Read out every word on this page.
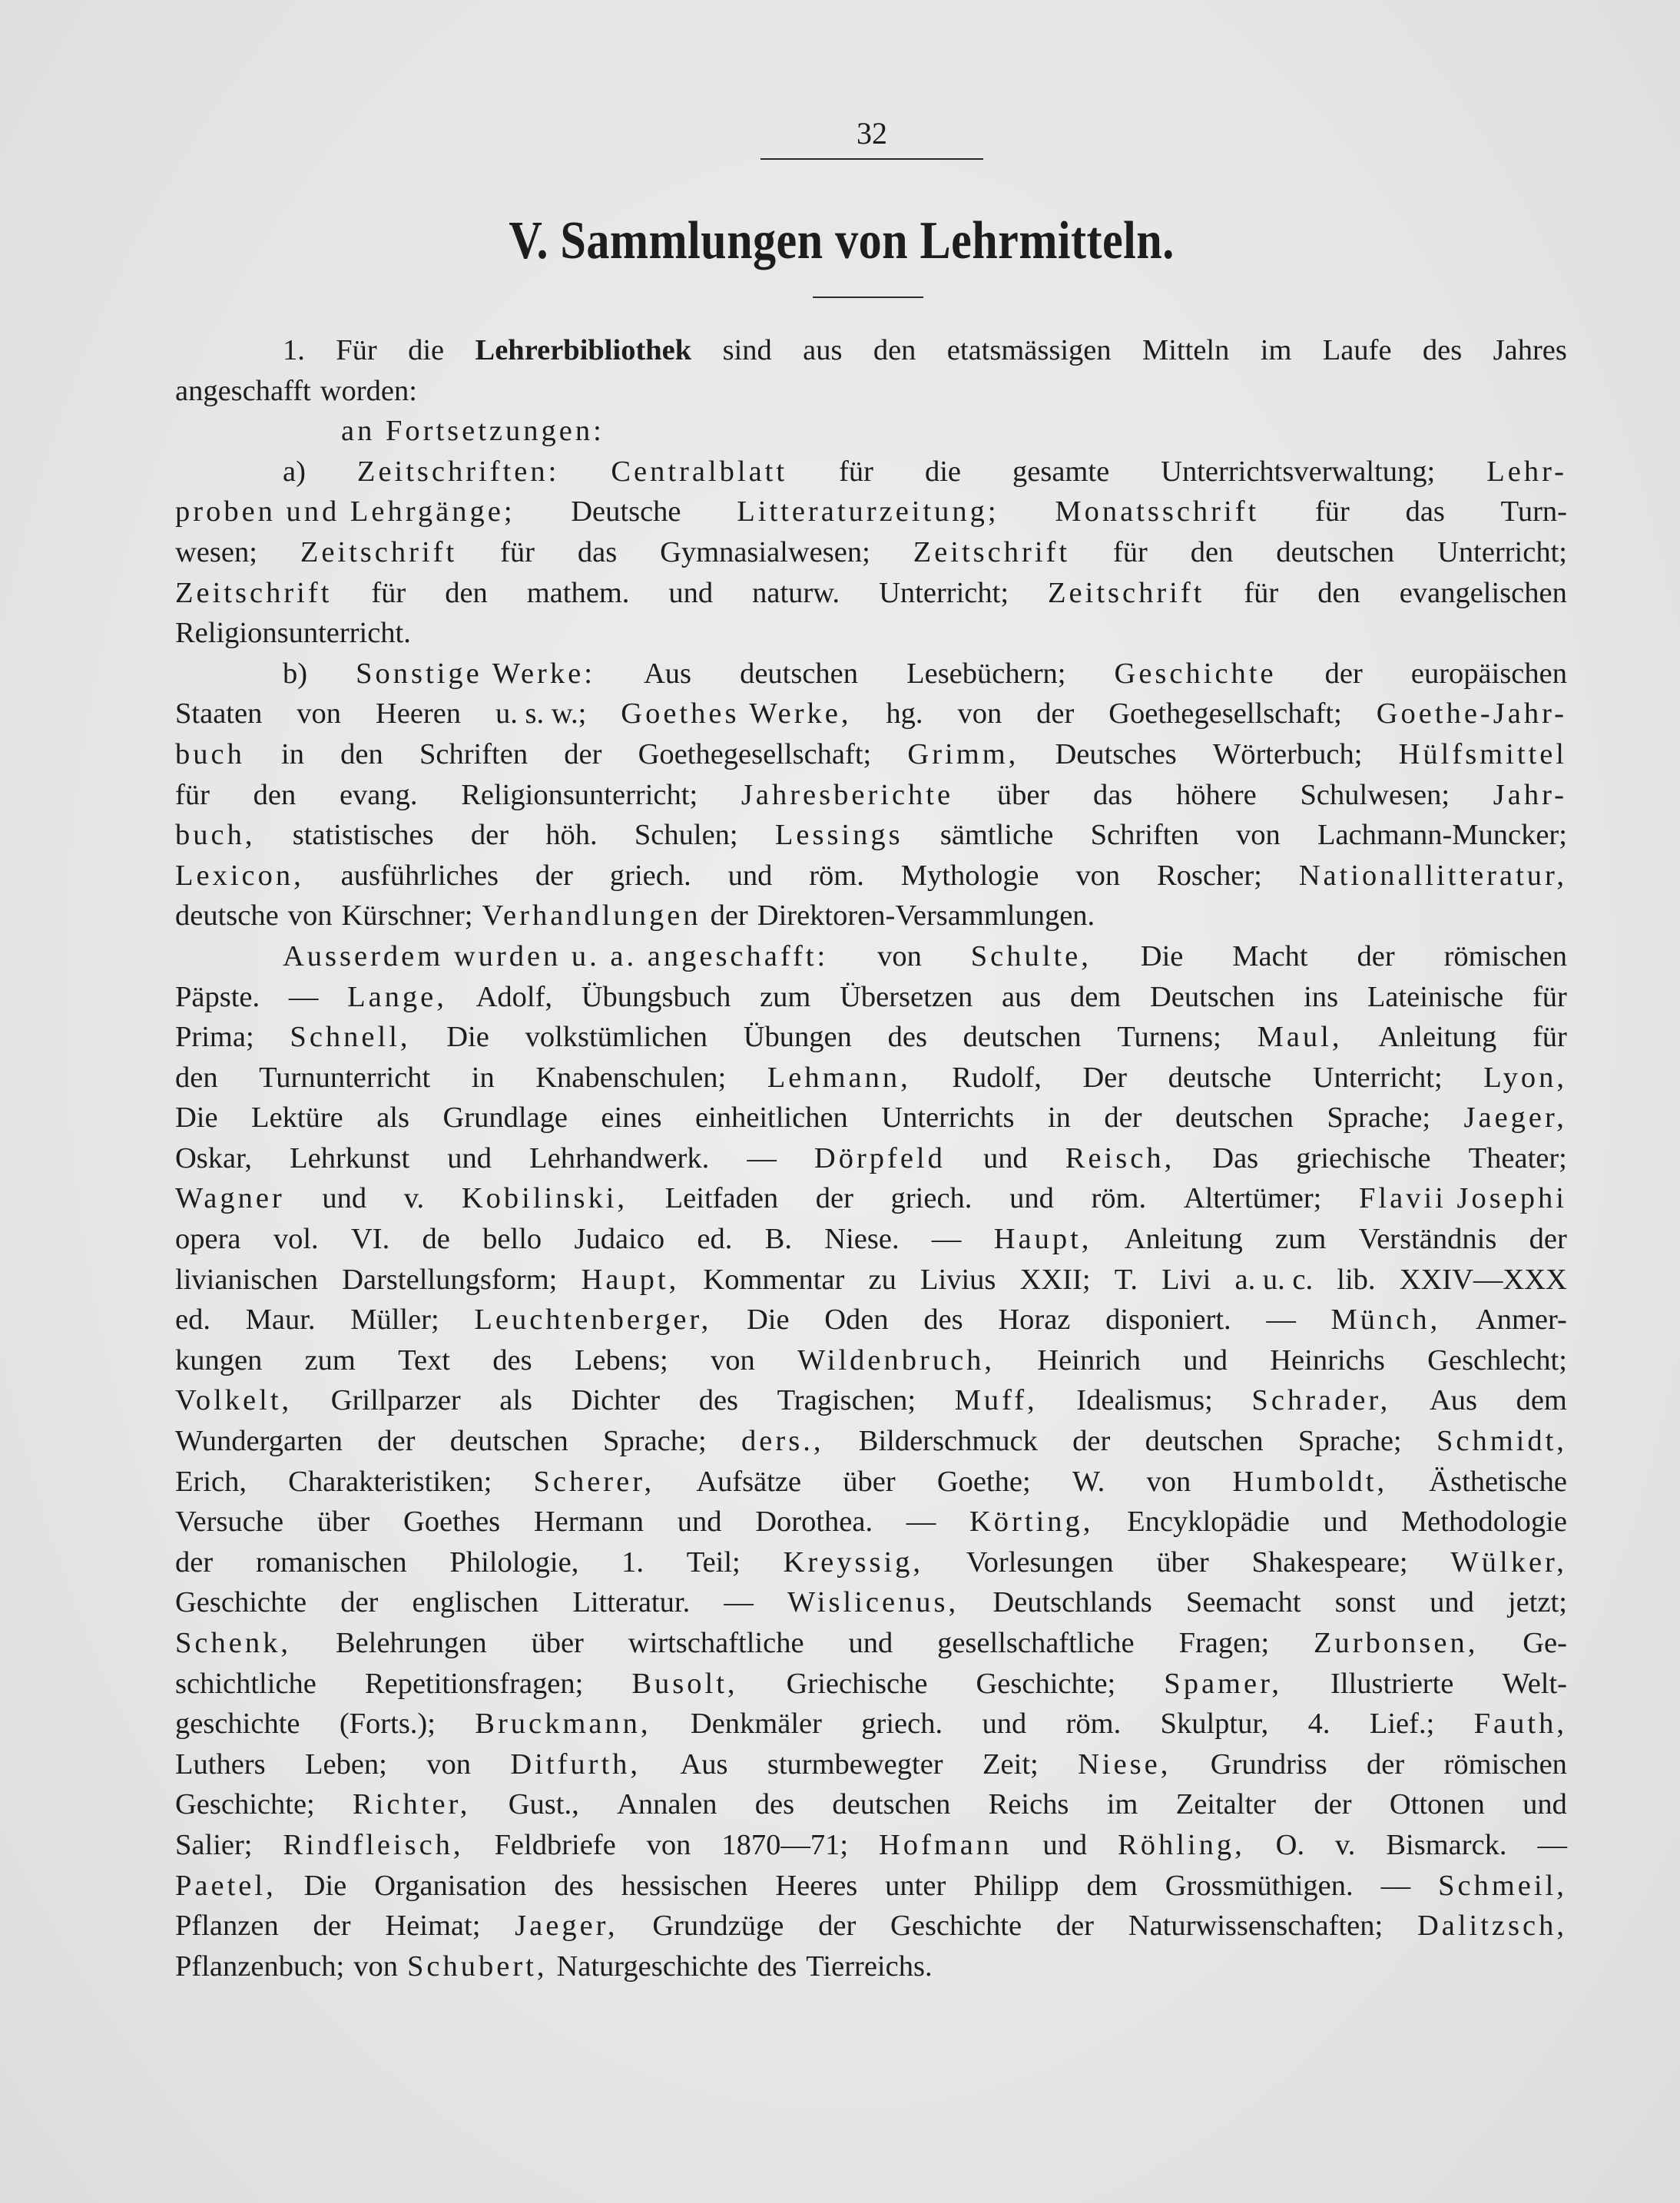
32
V. Sammlungen von Lehrmitteln.
1. Für die Lehrerbibliothek sind aus den etatsmässigen Mitteln im Laufe des Jahres
angeschafft worden:
an Fortsetzungen:
a) Zeitschriften: Centralblatt für die gesamte Unterrichtsverwaltung; Lehr-
proben und Lehrgänge; Deutsche Litteraturzeitung; Monatsschrift für das Turn-
wesen; Zeitschrift für das Gymnasialwesen; Zeitschrift für den deutschen Unterricht;
Zeitschrift für den mathem. und naturw. Unterricht; Zeitschrift für den evangelischen
Religionsunterricht.
b) Sonstige Werke: Aus deutschen Lesebüchern; Geschichte der europäischen
Staaten von Heeren u. s. w.; Goethes Werke, hg. von der Goethegesellschaft; Goethe-Jahr-
buch in den Schriften der Goethegesellschaft; Grimm, Deutsches Wörterbuch; Hülfsmittel
für den evang. Religionsunterricht; Jahresberichte über das höhere Schulwesen; Jahr-
buch, statistisches der höh. Schulen; Lessings sämtliche Schriften von Lachmann-Muncker;
Lexicon, ausführliches der griech. und röm. Mythologie von Roscher; Nationallitteratur,
deutsche von Kürschner; Verhandlungen der Direktoren-Versammlungen.
Ausserdem wurden u. a. angeschafft: von Schulte, Die Macht der römischen
Päpste. — Lange, Adolf, Übungsbuch zum Übersetzen aus dem Deutschen ins Lateinische für
Prima; Schnell, Die volkstümlichen Übungen des deutschen Turnens; Maul, Anleitung für
den Turnunterricht in Knabenschulen; Lehmann, Rudolf, Der deutsche Unterricht; Lyon,
Die Lektüre als Grundlage eines einheitlichen Unterrichts in der deutschen Sprache; Jaeger,
Oskar, Lehrkunst und Lehrhandwerk. — Dörpfeld und Reisch, Das griechische Theater;
Wagner und v. Kobilinski, Leitfaden der griech. und röm. Altertümer; Flavii Josephi
opera vol. VI. de bello Judaico ed. B. Niese. — Haupt, Anleitung zum Verständnis der
livianischen Darstellungsform; Haupt, Kommentar zu Livius XXII; T. Livi a. u. c. lib. XXIV—XXX
ed. Maur. Müller; Leuchtenberger, Die Oden des Horaz disponiert. — Münch, Anmer-
kungen zum Text des Lebens; von Wildenbruch, Heinrich und Heinrichs Geschlecht;
Volkelt, Grillparzer als Dichter des Tragischen; Muff, Idealismus; Schrader, Aus dem
Wundergarten der deutschen Sprache; ders., Bilderschmuck der deutschen Sprache; Schmidt,
Erich, Charakteristiken; Scherer, Aufsätze über Goethe; W. von Humboldt, Ästhetische
Versuche über Goethes Hermann und Dorothea. — Körting, Encyklopädie und Methodologie
der romanischen Philologie, 1. Teil; Kreyssig, Vorlesungen über Shakespeare; Wülker,
Geschichte der englischen Litteratur. — Wislicenus, Deutschlands Seemacht sonst und jetzt;
Schenk, Belehrungen über wirtschaftliche und gesellschaftliche Fragen; Zurbonsen, Ge-
schichtliche Repetitionsfragen; Busolt, Griechische Geschichte; Spamer, Illustrierte Welt-
geschichte (Forts.); Bruckmann, Denkmäler griech. und röm. Skulptur, 4. Lief.; Fauth,
Luthers Leben; von Ditfurth, Aus sturmbewegter Zeit; Niese, Grundriss der römischen
Geschichte; Richter, Gust., Annalen des deutschen Reichs im Zeitalter der Ottonen und
Salier; Rindfleisch, Feldbriefe von 1870—71; Hofmann und Röhling, O. v. Bismarck. —
Paetel, Die Organisation des hessischen Heeres unter Philipp dem Grossmüthigen. — Schmeil,
Pflanzen der Heimat; Jaeger, Grundzüge der Geschichte der Naturwissenschaften; Dalitzsch,
Pflanzenbuch; von Schubert, Naturgeschichte des Tierreichs.
